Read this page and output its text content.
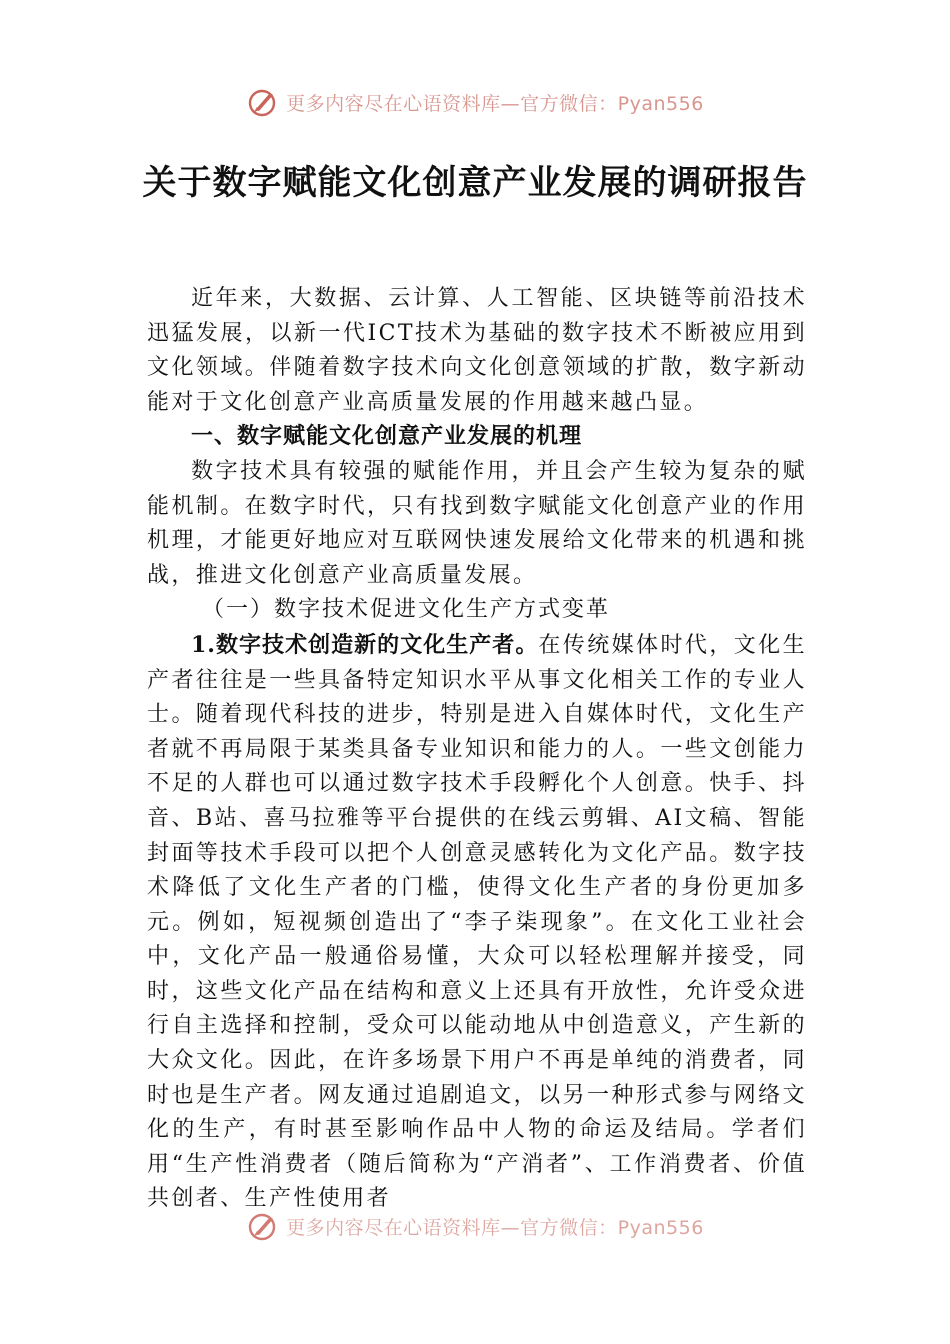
更多内容尽在心语资料库—官方微信：Pyan556
关于数字赋能文化创意产业发展的调研报告

近年来，大数据、云计算、人工智能、区块链等前沿技术迅猛发展，以新一代ICT技术为基础的数字技术不断被应用到文化领域。伴随着数字技术向文化创意领域的扩散，数字新动能对于文化创意产业高质量发展的作用越来越凸显。

一、数字赋能文化创意产业发展的机理

数字技术具有较强的赋能作用，并且会产生较为复杂的赋能机制。在数字时代，只有找到数字赋能文化创意产业的作用机理，才能更好地应对互联网快速发展给文化带来的机遇和挑战，推进文化创意产业高质量发展。

（一）数字技术促进文化生产方式变革

1.数字技术创造新的文化生产者。在传统媒体时代，文化生产者往往是一些具备特定知识水平从事文化相关工作的专业人士。随着现代科技的进步，特别是进入自媒体时代，文化生产者就不再局限于某类具备专业知识和能力的人。一些文创能力不足的人群也可以通过数字技术手段孵化个人创意。快手、抖音、B站、喜马拉雅等平台提供的在线云剪辑、AI文稿、智能封面等技术手段可以把个人创意灵感转化为文化产品。数字技术降低了文化生产者的门槛，使得文化生产者的身份更加多元。例如，短视频创造出了“李子柒现象”。在文化工业社会中，文化产品一般通俗易懂，大众可以轻松理解并接受，同时，这些文化产品在结构和意义上还具有开放性，允许受众进行自主选择和控制，受众可以能动地从中创造意义，产生新的大众文化。因此，在许多场景下用户不再是单纯的消费者，同时也是生产者。网友通过追剧追文，以另一种形式参与网络文化的生产，有时甚至影响作品中人物的命运及结局。学者们用“生产性消费者（随后简称为“产消者”、工作消费者、价值共创者、生产性使用者

更多内容尽在心语资料库—官方微信：Pyan556
